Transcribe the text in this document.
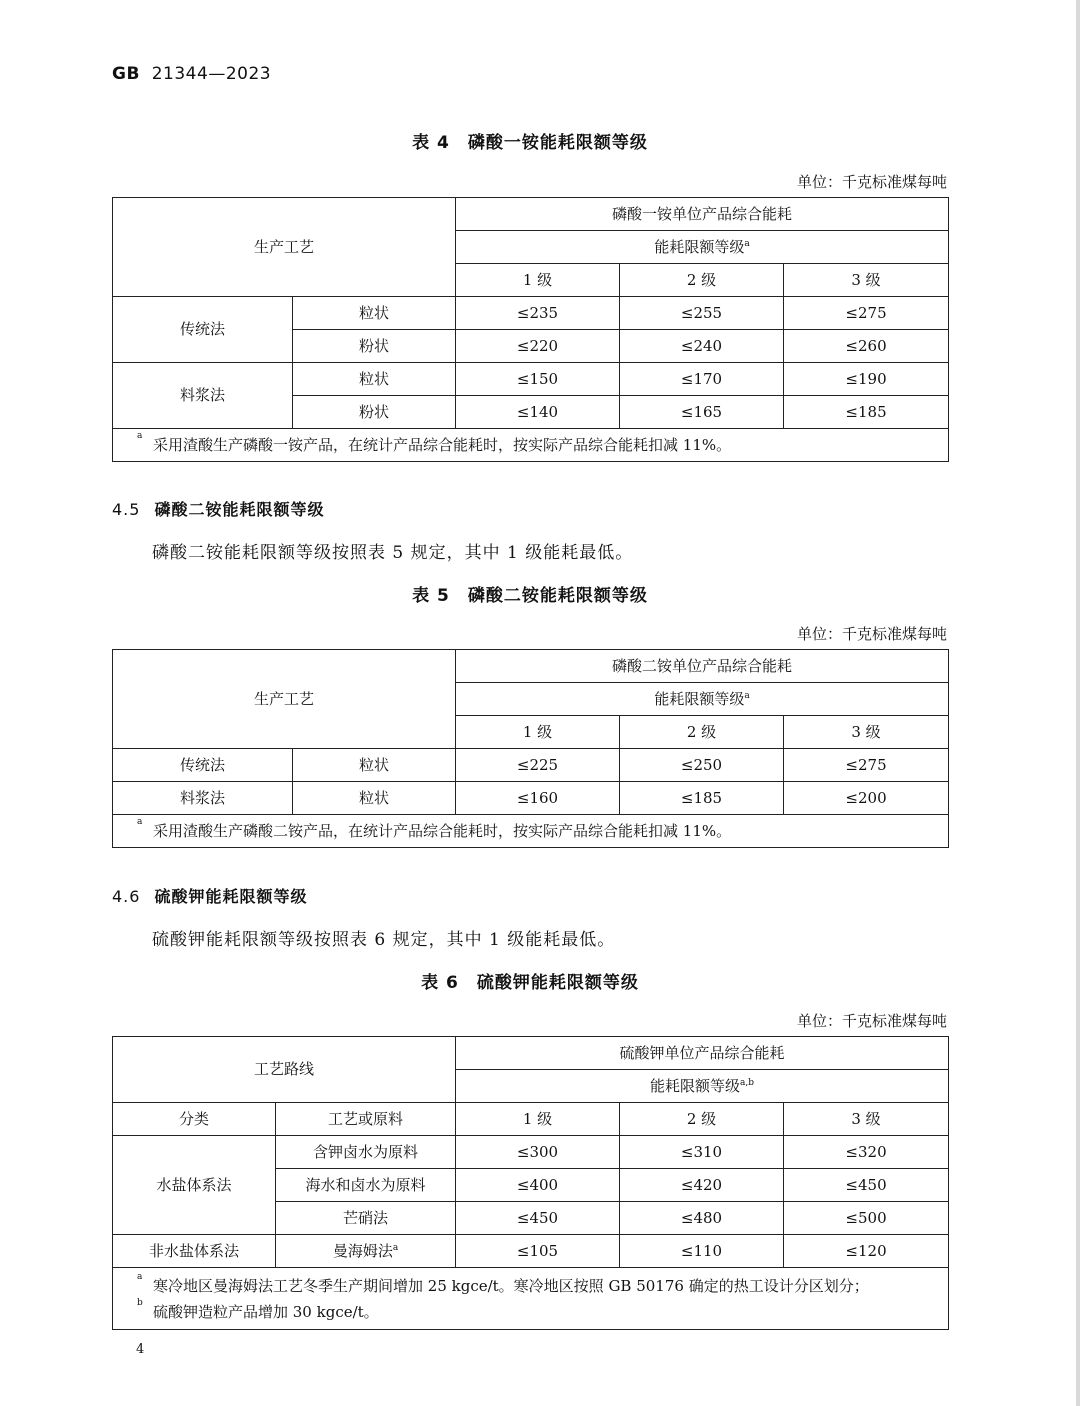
GB 21344—2023
表 4　磷酸一铵能耗限额等级
单位：千克标准煤每吨
生产工艺		磷酸一铵单位产品综合能耗		
		能耗限额等级$^a$
		1 级	2 级	3 级
传统法	粒状	≤235	≤255	≤275
	粉状	≤220	≤240	≤260
料浆法	粒状	≤150	≤170	≤190
	粉状	≤140	≤165	≤185

a 采用渣酸生产磷酸一铵产品，在统计产品综合能耗时，按实际产品综合能耗扣减 11%。				
4.5 磷酸二铵能耗限额等级
磷酸二铵能耗限额等级按照表 5 规定，其中 1 级能耗最低。
表 5　磷酸二铵能耗限额等级
单位：千克标准煤每吨
生产工艺		磷酸二铵单位产品综合能耗		
		能耗限额等级$^a$
		1 级	2 级	3 级
传统法	粒状	≤225	≤250	≤275
料浆法	粒状	≤160	≤185	≤200

a 采用渣酸生产磷酸二铵产品，在统计产品综合能耗时，按实际产品综合能耗扣减 11%。				
4.6 硫酸钾能耗限额等级
硫酸钾能耗限额等级按照表 6 规定，其中 1 级能耗最低。
表 6　硫酸钾能耗限额等级
单位：千克标准煤每吨
工艺路线		硫酸钾单位产品综合能耗		
		能耗限额等级$^{a,b}$
分类	工艺或原料	1 级	2 级	3 级
水盐体系法	含钾卤水为原料	≤300	≤310	≤320
	海水和卤水为原料	≤400	≤420	≤450
	芒硝法	≤450	≤480	≤500
非水盐体系法	曼海姆法$^a$	≤105	≤110	≤120

a 寒冷地区曼海姆法工艺冬季生产期间增加 25 kgce/t。寒冷地区按照 GB 50176 确定的热工设计分区划分；
b 硫酸钾造粒产品增加 30 kgce/t。				
4
